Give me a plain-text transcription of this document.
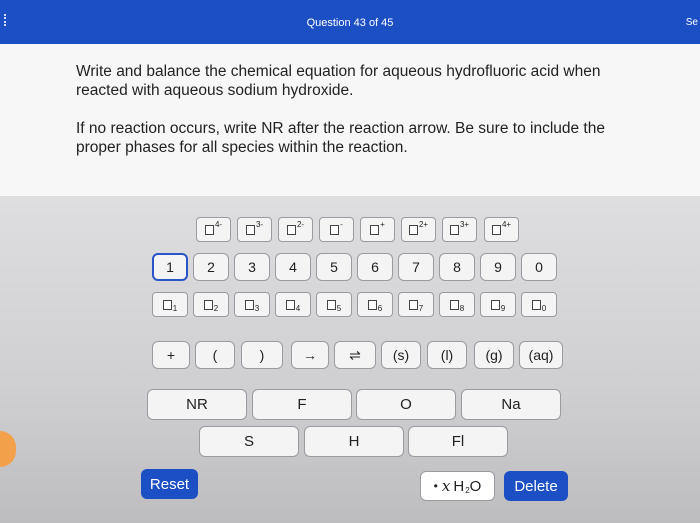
Question 43 of 45	Se

Write and balance the chemical equation for aqueous hydrofluoric acid when reacted with aqueous sodium hydroxide.

If no reaction occurs, write NR after the reaction arrow. Be sure to include the proper phases for all species within the reaction.

4-	3-	2-	-	+	2+	3+	4+
1 2 3 4 5 6 7 8 9 0
1	2	3	4	5	6	7	8	9	0
+	(	)	→ ⇌ (s) (l) (g) (aq)
NR	F	O	Na
S	H	Fl
Reset	• x H 2 O	Delete
